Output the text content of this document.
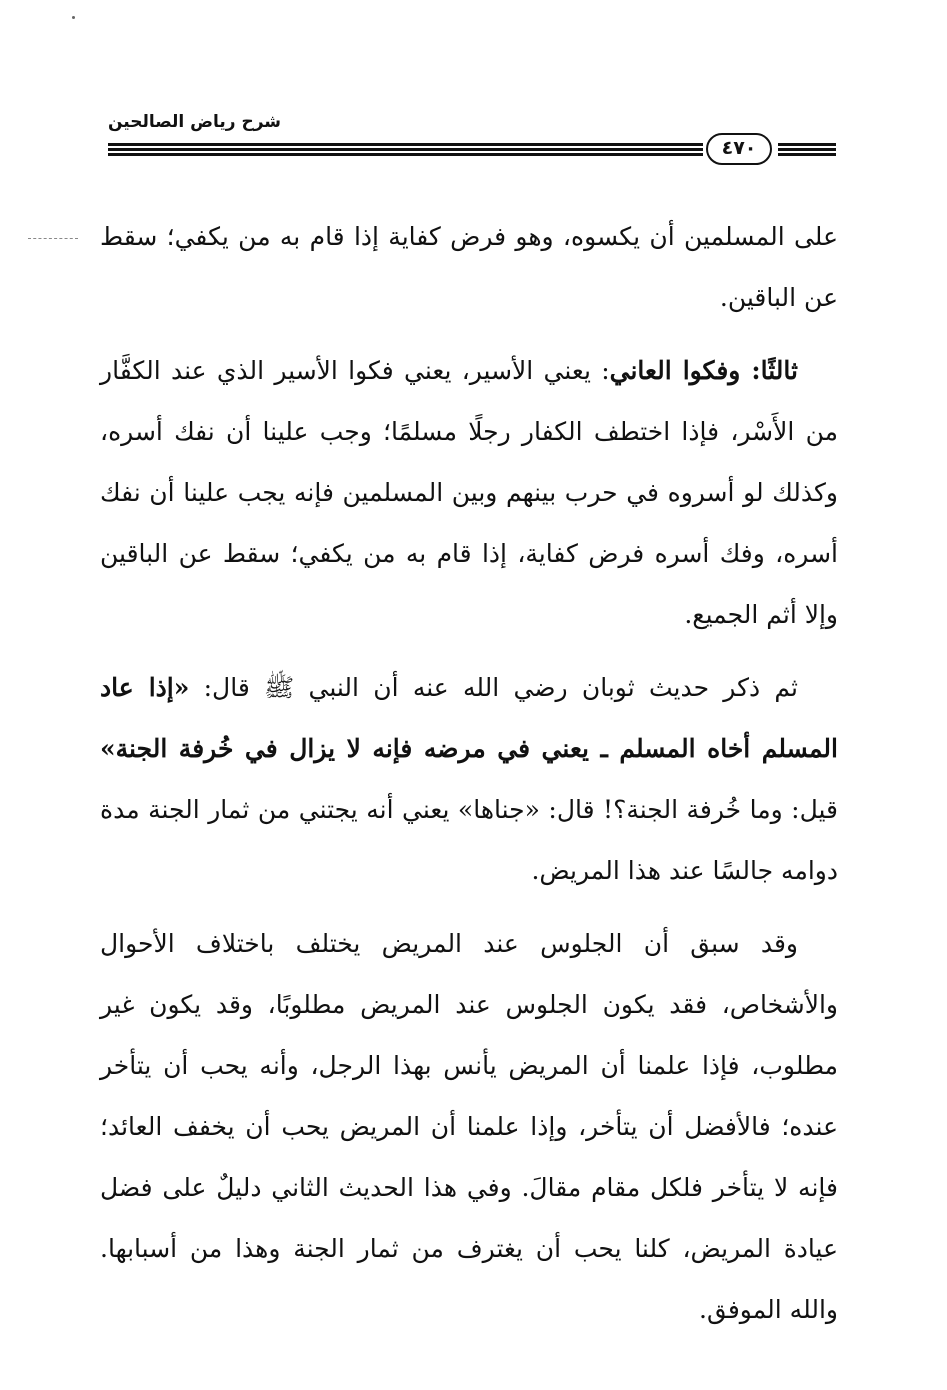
شرح رياض الصالحين
٤٧٠

على المسلمين أن يكسوه، وهو فرض كفاية إذا قام به من يكفي؛ سقط عن الباقين.

ثالثًا: وفكوا العاني: يعني الأسير، يعني فكوا الأسير الذي عند الكفَّار من الأَسْر، فإذا اختطف الكفار رجلًا مسلمًا؛ وجب علينا أن نفك أسره، وكذلك لو أسروه في حرب بينهم وبين المسلمين فإنه يجب علينا أن نفك أسره، وفك أسره فرض كفاية، إذا قام به من يكفي؛ سقط عن الباقين وإلا أثم الجميع.

ثم ذكر حديث ثوبان رضي الله عنه أن النبي ﷺ قال: «إذا عاد المسلم أخاه المسلم ـ يعني في مرضه فإنه لا يزال في خُرفة الجنة» قيل: وما خُرفة الجنة؟! قال: «جناها» يعني أنه يجتني من ثمار الجنة مدة دوامه جالسًا عند هذا المريض.

وقد سبق أن الجلوس عند المريض يختلف باختلاف الأحوال والأشخاص، فقد يكون الجلوس عند المريض مطلوبًا، وقد يكون غير مطلوب، فإذا علمنا أن المريض يأنس بهذا الرجل، وأنه يحب أن يتأخر عنده؛ فالأفضل أن يتأخر، وإذا علمنا أن المريض يحب أن يخفف العائد؛ فإنه لا يتأخر فلكل مقام مقالَ. وفي هذا الحديث الثاني دليلٌ على فضل عيادة المريض، كلنا يحب أن يغترف من ثمار الجنة وهذا من أسبابها. والله الموفق.
